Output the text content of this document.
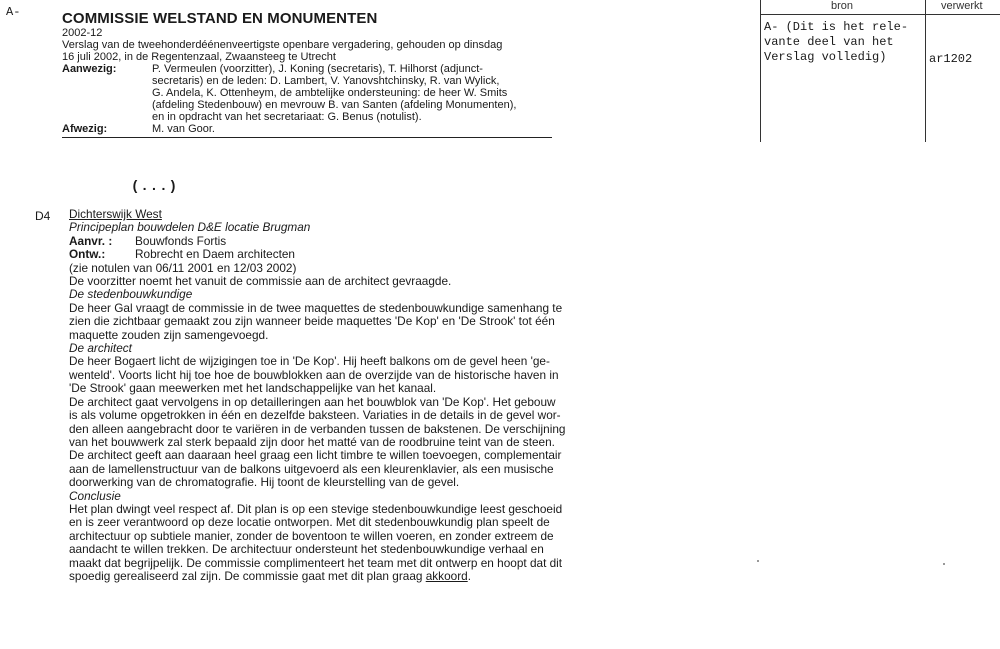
A-	COMMISSIE WELSTAND EN MONUMENTEN
2002-12
Verslag van de tweehonderdéénenveertigste openbare vergadering, gehouden op dinsdag
16 juli 2002, in de Regentenzaal, Zwaansteeg te Utrecht
Aanwezig:	P. Vermeulen (voorzitter), J. Koning (secretaris), T. Hilhorst (adjunct-
secretaris) en de leden: D. Lambert, V. Yanovshtchinsky, R. van Wylick,
G. Andela, K. Ottenheym, de ambtelijke ondersteuning: de heer W. Smits
(afdeling Stedenbouw) en mevrouw B. van Santen (afdeling Monumenten),
en in opdracht van het secretariaat: G. Benus (notulist).
Afwezig:	M. van Goor.
bron	verwerkt
A- (Dit is het rele-
vante deel van het
Verslag volledig)	ar1202
(...)
D4 Dichterswijk West

Principeplan bouwdelen D&E locatie Brugman

Aanvr. :	Bouwfonds Fortis
Ontw.:	Robrecht en Daem architecten

(zie notulen van 06/11 2001 en 12/03 2002)

De voorzitter noemt het vanuit de commissie aan de architect gevraagde.

De stedenbouwkundige

De heer Gal vraagt de commissie in de twee maquettes de stedenbouwkundige samenhang te

zien die zichtbaar gemaakt zou zijn wanneer beide maquettes 'De Kop' en 'De Strook' tot één

maquette zouden zijn samengevoegd.

De architect

De heer Bogaert licht de wijzigingen toe in 'De Kop'. Hij heeft balkons om de gevel heen 'ge-

wenteld'. Voorts licht hij toe hoe de bouwblokken aan de overzijde van de historische haven in

'De Strook' gaan meewerken met het landschappelijke van het kanaal.

De architect gaat vervolgens in op detailleringen aan het bouwblok van 'De Kop'. Het gebouw

is als volume opgetrokken in één en dezelfde baksteen. Variaties in de details in de gevel wor-

den alleen aangebracht door te variëren in de verbanden tussen de bakstenen. De verschijning

van het bouwwerk zal sterk bepaald zijn door het matté van de roodbruine teint van de steen.

De architect geeft aan daaraan heel graag een licht timbre te willen toevoegen, complementair

aan de lamellenstructuur van de balkons uitgevoerd als een kleurenklavier, als een musische

doorwerking van de chromatografie. Hij toont de kleurstelling van de gevel.

Conclusie

Het plan dwingt veel respect af. Dit plan is op een stevige stedenbouwkundige leest geschoeid

en is zeer verantwoord op deze locatie ontworpen. Met dit stedenbouwkundig plan speelt de

architectuur op subtiele manier, zonder de boventoon te willen voeren, en zonder extreem de

aandacht te willen trekken. De architectuur ondersteunt het stedenbouwkundige verhaal en

maakt dat begrijpelijk. De commissie complimenteert het team met dit ontwerp en hoopt dat dit

spoedig gerealiseerd zal zijn. De commissie gaat met dit plan graag akkoord.
